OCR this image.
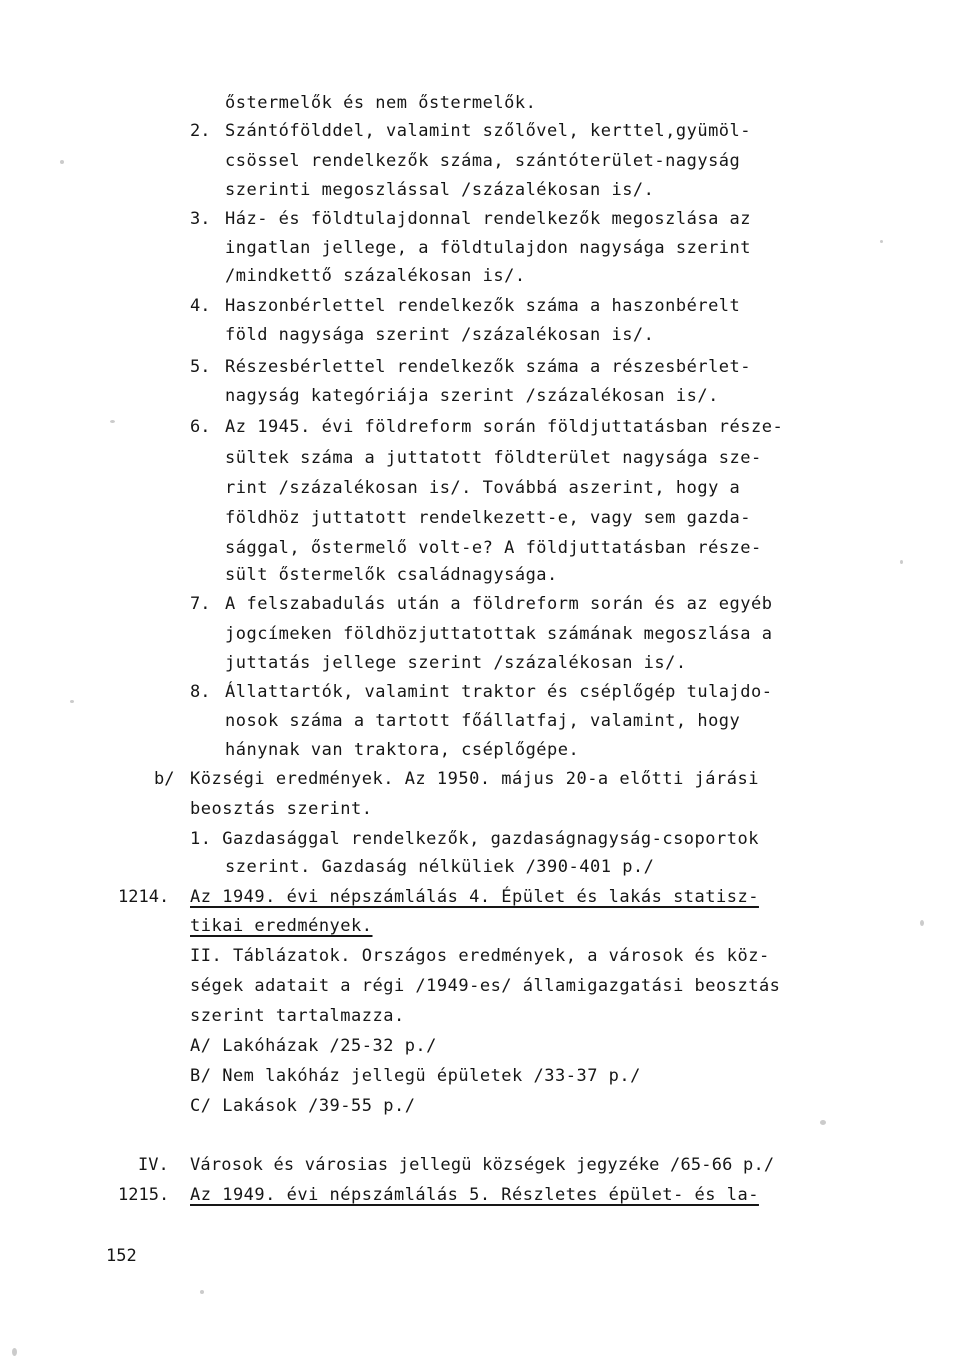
őstermelők és nem őstermelők.
2. Szántófölddel, valamint szőlővel, kerttel,gyümöl-
csössel rendelkezők száma, szántóterület-nagyság
szerinti megoszlással /százalékosan is/.
3. Ház- és földtulajdonnal rendelkezők megoszlása az
ingatlan jellege, a földtulajdon nagysága szerint
/mindkettő százalékosan is/.
4. Haszonbérlettel rendelkezők száma a haszonbérelt
föld nagysága szerint /százalékosan is/.
5. Részesbérlettel rendelkezők száma a részesbérlet-
nagyság kategóriája szerint /százalékosan is/.
6. Az 1945. évi földreform során földjuttatásban része-
sültek száma a juttatott földterület nagysága sze-
rint /százalékosan is/. Továbbá aszerint, hogy a
földhöz juttatott rendelkezett-e, vagy sem gazda-
sággal, őstermelő volt-e? A földjuttatásban része-
sült őstermelők családnagysága.
7. A felszabadulás után a földreform során és az egyéb
jogcímeken földhözjuttatottak számának megoszlása a
juttatás jellege szerint /százalékosan is/.
8. Állattartók, valamint traktor és cséplőgép tulajdo-
nosok száma a tartott főállatfaj, valamint, hogy
hánynak van traktora, cséplőgépe.
b/ Községi eredmények. Az 1950. május 20-a előtti járási
beosztás szerint.
1. Gazdasággal rendelkezők, gazdaságnagyság-csoportok
szerint. Gazdaság nélküliek /390-401 p./
1214. Az 1949. évi népszámlálás 4. Épület és lakás statisz-
tikai eredmények.
II. Táblázatok. Országos eredmények, a városok és köz-
ségek adatait a régi /1949-es/ államigazgatási beosztás
szerint tartalmazza.
A/ Lakóházak /25-32 p./
B/ Nem lakóház jellegü épületek /33-37 p./
C/ Lakások /39-55 p./
IV. Városok és városias jellegü községek jegyzéke /65-66 p./
1215. Az 1949. évi népszámlálás 5. Részletes épület- és la-
152
